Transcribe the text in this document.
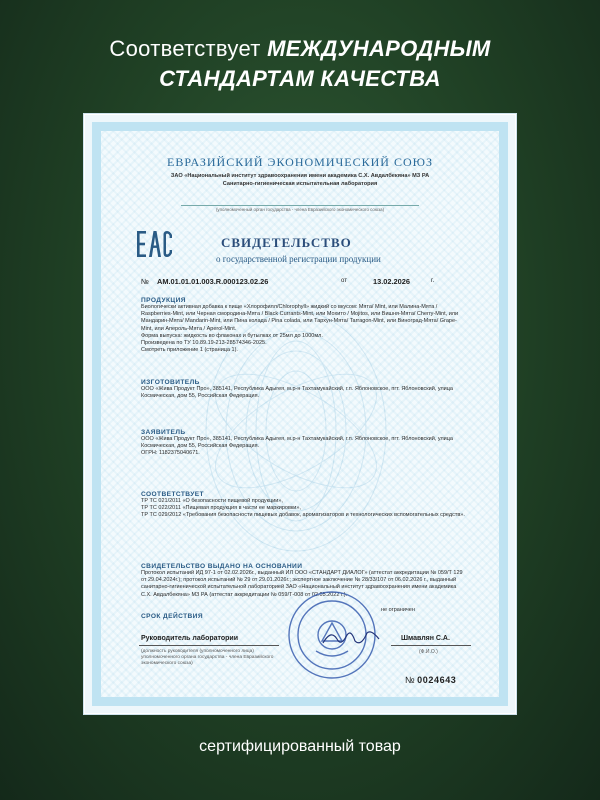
Соответствует МЕЖДУНАРОДНЫМ
СТАНДАРТАМ КАЧЕСТВА
ЕВРАЗИЙСКИЙ ЭКОНОМИЧЕСКИЙ СОЮЗ
ЗАО «Национальный институт здравоохранения имени академика С.Х. Авдалбекяна» МЗ РА
Санитарно-гигиеническая испытательная лаборатория
(уполномоченный орган государства - члена Евразийского экономического союза)
СВИДЕТЕЛЬСТВО
о государственной регистрации продукции
№ AM.01.01.01.003.R.000123.02.26	от	13.02.2026	г.
ПРОДУКЦИЯ
Биологически активная добавка к пище «Хлорофилл/Chlorophyll» жидкий со вкусом: Мята/ Mint, или Малина-Мята / Raspberries-Mint, или Черная смородина-Мята / Black Currants-Mint, или Мохито / Mojitos, или Вишня-Мята/ Cherry-Mint, или Мандарин-Мята/ Mandarin-Mint, или Пина колада / Pina colada, или Тархун-Мята/ Tarragon-Mint, или Виноград-Мята/ Grape-Mint, или Апероль-Мята / Aperol-Mint.
Форма выпуска: жидкость во флаконах и бутылках от 25мл до 1000мл.
Произведена по ТУ 10.89.19-213-28574346-2025.
Смотреть приложение 1 (страница 1).
ИЗГОТОВИТЕЛЬ
ООО «Жива Продукт Про», 385141, Республика Адыгея, м.р-н Тахтамукайский, г.п. Яблоновское, пгт. Яблоновский, улица Космическая, дом 55, Российская Федерация.
ЗАЯВИТЕЛЬ
ООО «Жива Продукт Про», 385141, Республика Адыгея, м.р-н Тахтамукайский, г.п. Яблоновское, пгт. Яблоновский, улица Космическая, дом 55, Российская Федерация.
ОГРН: 1182375040671.
СООТВЕТСТВУЕТ
ТР ТС 021/2011 «О безопасности пищевой продукции»,
ТР ТС 022/2011 «Пищевая продукция в части ее маркировки»,
ТР ТС 029/2012 «Требования безопасности пищевых добавок, ароматизаторов и технологических вспомогательных средств».
СВИДЕТЕЛЬСТВО ВЫДАНО НА ОСНОВАНИИ
Протокол испытаний ИД 97-1 от 02.02.2026г., выданный ИЛ ООО «СТАНДАРТ ДИАЛОГ» (аттестат аккредитации № 059/Т 129 от 29.04.2024г.); протокол испытаний № 29 от 29.01.2026г.; экспертное заключение № 28/33/107 от 06.02.2026 г., выданный санитарно-гигиенической испытательной лабораторией ЗАО «Национальный институт здравоохранения имени академика С.Х. Авдалбекяна» МЗ РА (аттестат аккредитации № 059/Т-008 от 02.05.2022 г.).
СРОК ДЕЙСТВИЯ
не ограничен
Руководитель лаборатории	Шмавлян С.А.
(должность руководителя (уполномоченного лица) уполномоченного органа государства - члена Евразийского экономического союза)
(Ф.И.О.)
№ 0024643
сертифицированный товар
